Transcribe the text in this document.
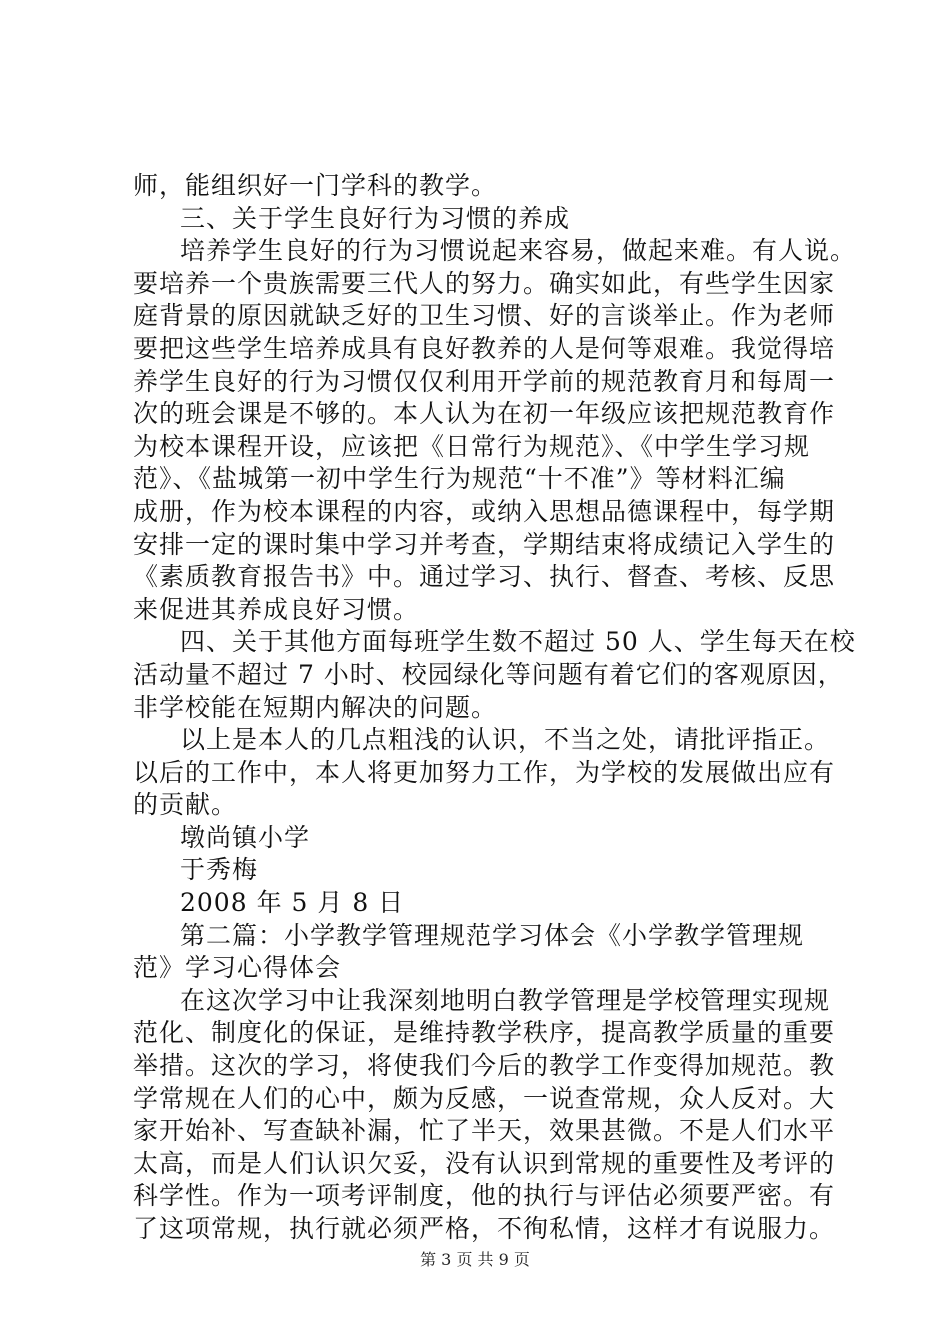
师，能组织好一门学科的教学。
三、关于学生良好行为习惯的养成
培养学生良好的行为习惯说起来容易，做起来难。有人说。
要培养一个贵族需要三代人的努力。确实如此，有些学生因家
庭背景的原因就缺乏好的卫生习惯、好的言谈举止。作为老师
要把这些学生培养成具有良好教养的人是何等艰难。我觉得培
养学生良好的行为习惯仅仅利用开学前的规范教育月和每周一
次的班会课是不够的。本人认为在初一年级应该把规范教育作
为校本课程开设，应该把《日常行为规范》、《中学生学习规
范》、《盐城第一初中学生行为规范“十不准”》等材料汇编
成册，作为校本课程的内容，或纳入思想品德课程中，每学期
安排一定的课时集中学习并考查，学期结束将成绩记入学生的
《素质教育报告书》中。通过学习、执行、督查、考核、反思
来促进其养成良好习惯。
四、关于其他方面每班学生数不超过 50 人、学生每天在校
活动量不超过 7 小时、校园绿化等问题有着它们的客观原因，
非学校能在短期内解决的问题。
以上是本人的几点粗浅的认识，不当之处，请批评指正。
以后的工作中，本人将更加努力工作，为学校的发展做出应有
的贡献。
墩尚镇小学
于秀梅
2008 年 5 月 8 日
第二篇：小学教学管理规范学习体会《小学教学管理规
范》学习心得体会
在这次学习中让我深刻地明白教学管理是学校管理实现规
范化、制度化的保证，是维持教学秩序，提高教学质量的重要
举措。这次的学习，将使我们今后的教学工作变得加规范。教
学常规在人们的心中，颇为反感，一说查常规，众人反对。大
家开始补、写查缺补漏，忙了半天，效果甚微。不是人们水平
太高，而是人们认识欠妥，没有认识到常规的重要性及考评的
科学性。作为一项考评制度，他的执行与评估必须要严密。有
了这项常规，执行就必须严格，不徇私情，这样才有说服力。
第 3 页 共 9 页
